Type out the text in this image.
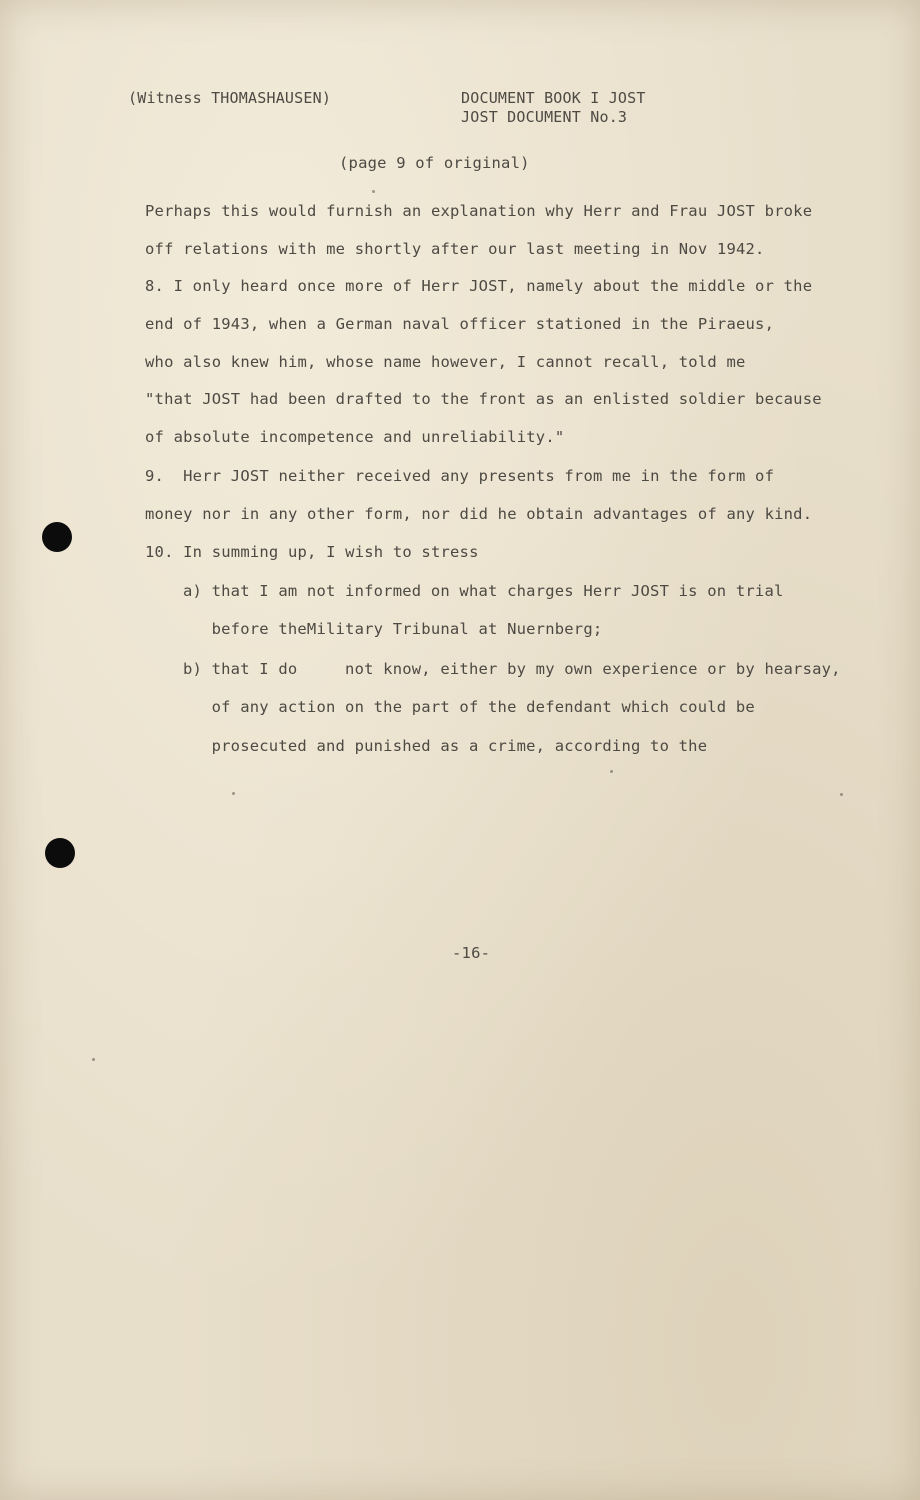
(Witness THOMASHAUSEN)	DOCUMENT BOOK I JOST
JOST DOCUMENT No.3
(page 9 of original)
Perhaps this would furnish an explanation why Herr and Frau JOST broke
off relations with me shortly after our last meeting in Nov 1942.
8. I only heard once more of Herr JOST, namely about the middle or the
end of 1943, when a German naval officer stationed in the Piraeus,
who also knew him, whose name however, I cannot recall, told me
"that JOST had been drafted to the front as an enlisted soldier because
of absolute incompetence and unreliability."
9.  Herr JOST neither received any presents from me in the form of
money nor in any other form, nor did he obtain advantages of any kind.
10. In summing up, I wish to stress
a) that I am not informed on what charges Herr JOST is on trial
before theMilitary Tribunal at Nuernberg;
b) that I do     not know, either by my own experience or by hearsay,
of any action on the part of the defendant which could be
prosecuted and punished as a crime, according to the
-16-
